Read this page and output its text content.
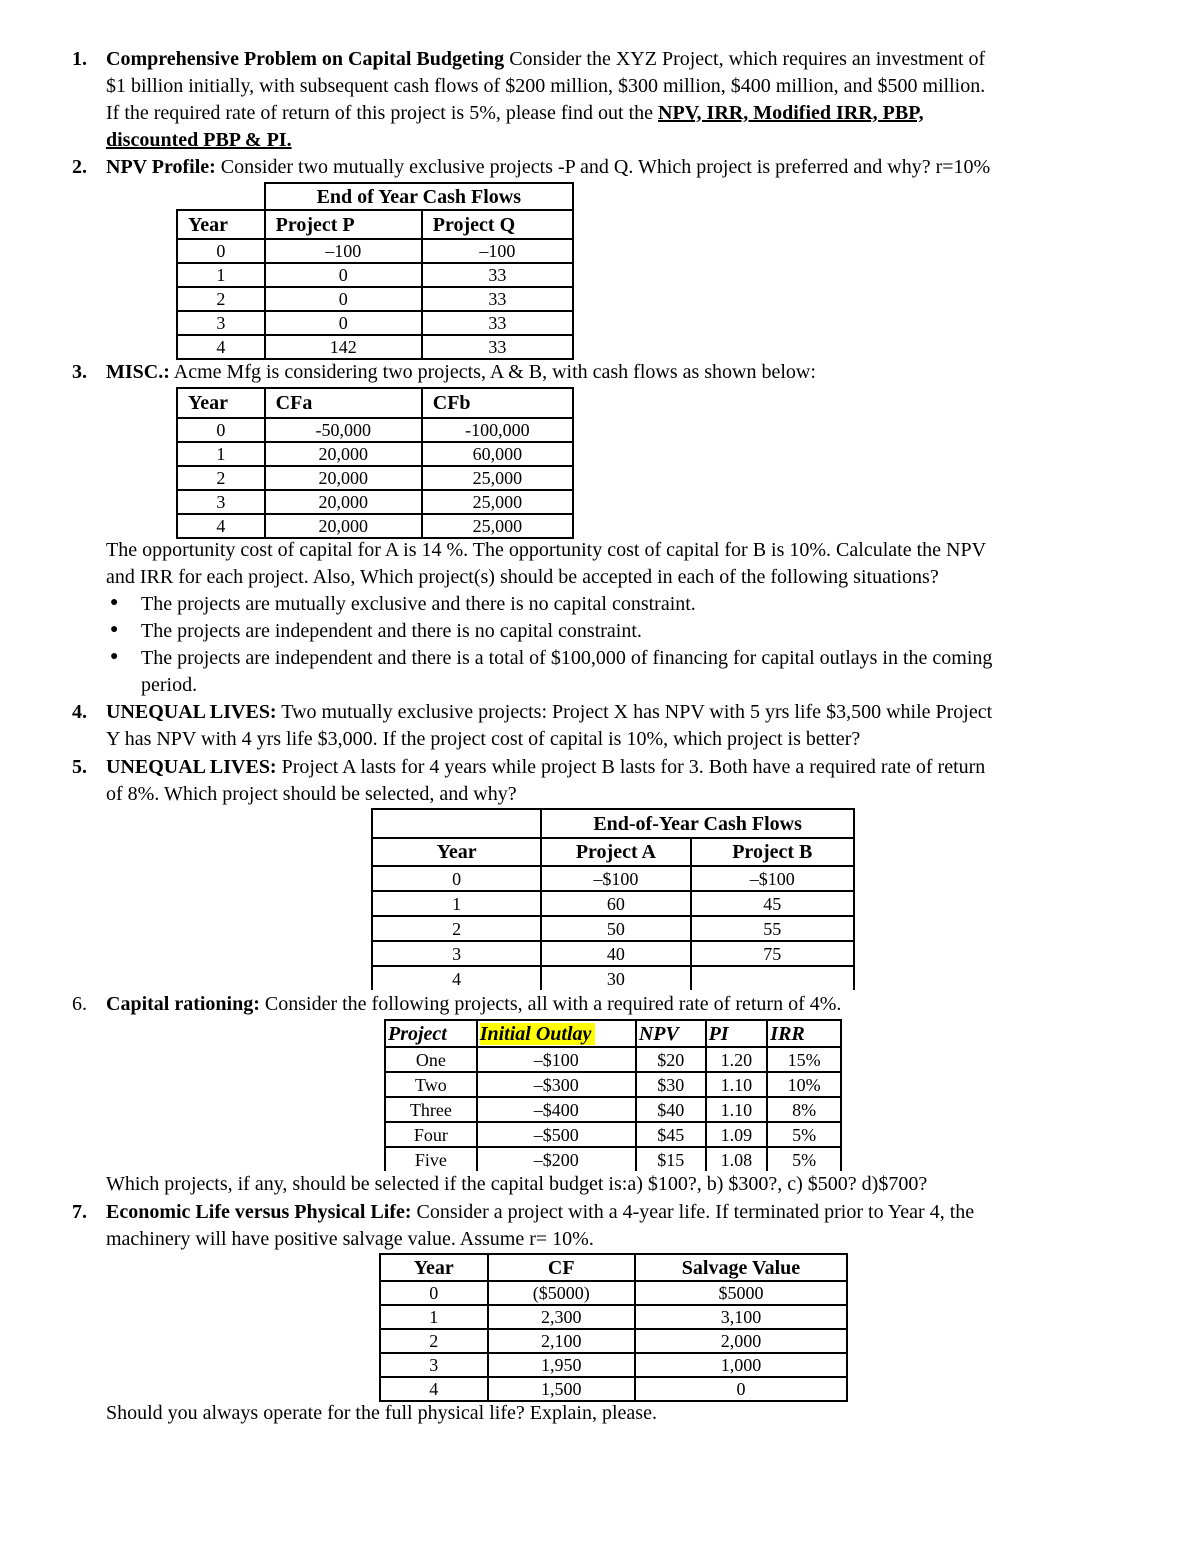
1. Comprehensive Problem on Capital Budgeting Consider the XYZ Project, which requires an investment of
$1 billion initially, with subsequent cash flows of $200 million, $300 million, $400 million, and $500 million.
If the required rate of return of this project is 5%, please find out the NPV, IRR, Modified IRR, PBP,
discounted PBP & PI.
2. NPV Profile: Consider two mutually exclusive projects -P and Q. Which project is preferred and why? r=10%
	End of Year Cash Flows	
Year	Project P	Project Q
0	–100	–100
1	0	33
2	0	33
3	0	33
4	142	33
3. MISC.: Acme Mfg is considering two projects, A & B, with cash flows as shown below:
Year	CFa	CFb
0	-50,000	-100,000
1	20,000	60,000
2	20,000	25,000
3	20,000	25,000
4	20,000	25,000
The opportunity cost of capital for A is 14 %. The opportunity cost of capital for B is 10%. Calculate the NPV
and IRR for each project. Also, Which project(s) should be accepted in each of the following situations?
● The projects are mutually exclusive and there is no capital constraint.
● The projects are independent and there is no capital constraint.
● The projects are independent and there is a total of $100,000 of financing for capital outlays in the coming
period.
4. UNEQUAL LIVES: Two mutually exclusive projects: Project X has NPV with 5 yrs life $3,500 while Project
Y has NPV with 4 yrs life $3,000. If the project cost of capital is 10%, which project is better?
5. UNEQUAL LIVES: Project A lasts for 4 years while project B lasts for 3. Both have a required rate of return
of 8%. Which project should be selected, and why?
	End-of-Year Cash Flows	
Year	Project A	Project B
0	–$100	–$100
1	60	45
2	50	55
3	40	75
4	30	
6. Capital rationing: Consider the following projects, all with a required rate of return of 4%.
Project	Initial Outlay	NPV	PI	IRR
One	–$100	$20	1.20	15%
Two	–$300	$30	1.10	10%
Three	–$400	$40	1.10	8%
Four	–$500	$45	1.09	5%
Five	–$200	$15	1.08	5%
Which projects, if any, should be selected if the capital budget is:a) $100?, b) $300?, c) $500? d)$700?
7. Economic Life versus Physical Life: Consider a project with a 4-year life. If terminated prior to Year 4, the
machinery will have positive salvage value. Assume r= 10%.
Year	CF	Salvage Value
0	($5000)	$5000
1	2,300	3,100
2	2,100	2,000
3	1,950	1,000
4	1,500	0
Should you always operate for the full physical life? Explain, please.
